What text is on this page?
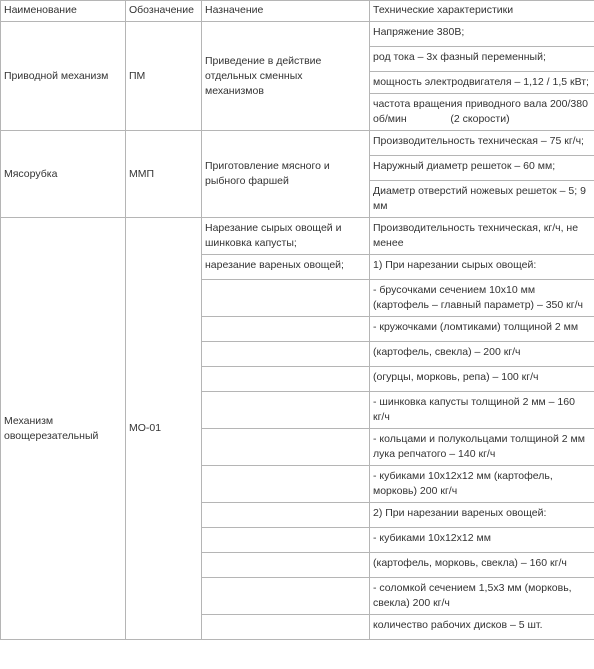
Наименование	Обозначение	Назначение	Технические характеристики
Приводной механизм	ПМ	Приведение в действие отдельных сменных механизмов	Напряжение 380В;
			род тока – 3х фазный переменный;
			мощность электродвигателя – 1,12 / 1,5 кВт;
			частота вращения приводного вала 200/380 об/мин               (2 скорости)
Мясорубка	ММП	Приготовление мясного и рыбного фаршей	Производительность техническая – 75 кг/ч;
			Наружный диаметр решеток – 60 мм;
			Диаметр отверстий ножевых решеток – 5; 9 мм
Механизм овощерезательный	МО-01	Нарезание сырых овощей и шинковка капусты;	Производительность техническая, кг/ч, не менее
		нарезание вареных овощей;	1) При нарезании сырых овощей:
			- брусочками сечением 10х10 мм (картофель – главный параметр) – 350 кг/ч
			- кружочками (ломтиками) толщиной 2 мм
			(картофель, свекла) – 200 кг/ч
			(огурцы, морковь, репа) – 100 кг/ч
			- шинковка капусты толщиной 2 мм – 160 кг/ч
			- кольцами и полукольцами толщиной 2 мм лука репчатого – 140 кг/ч
			- кубиками 10х12х12 мм (картофель, морковь) 200 кг/ч
			2) При нарезании вареных овощей:
			- кубиками 10х12х12 мм
			(картофель, морковь, свекла) – 160 кг/ч
			- соломкой сечением 1,5х3 мм (морковь, свекла) 200 кг/ч
			количество рабочих дисков – 5 шт.
